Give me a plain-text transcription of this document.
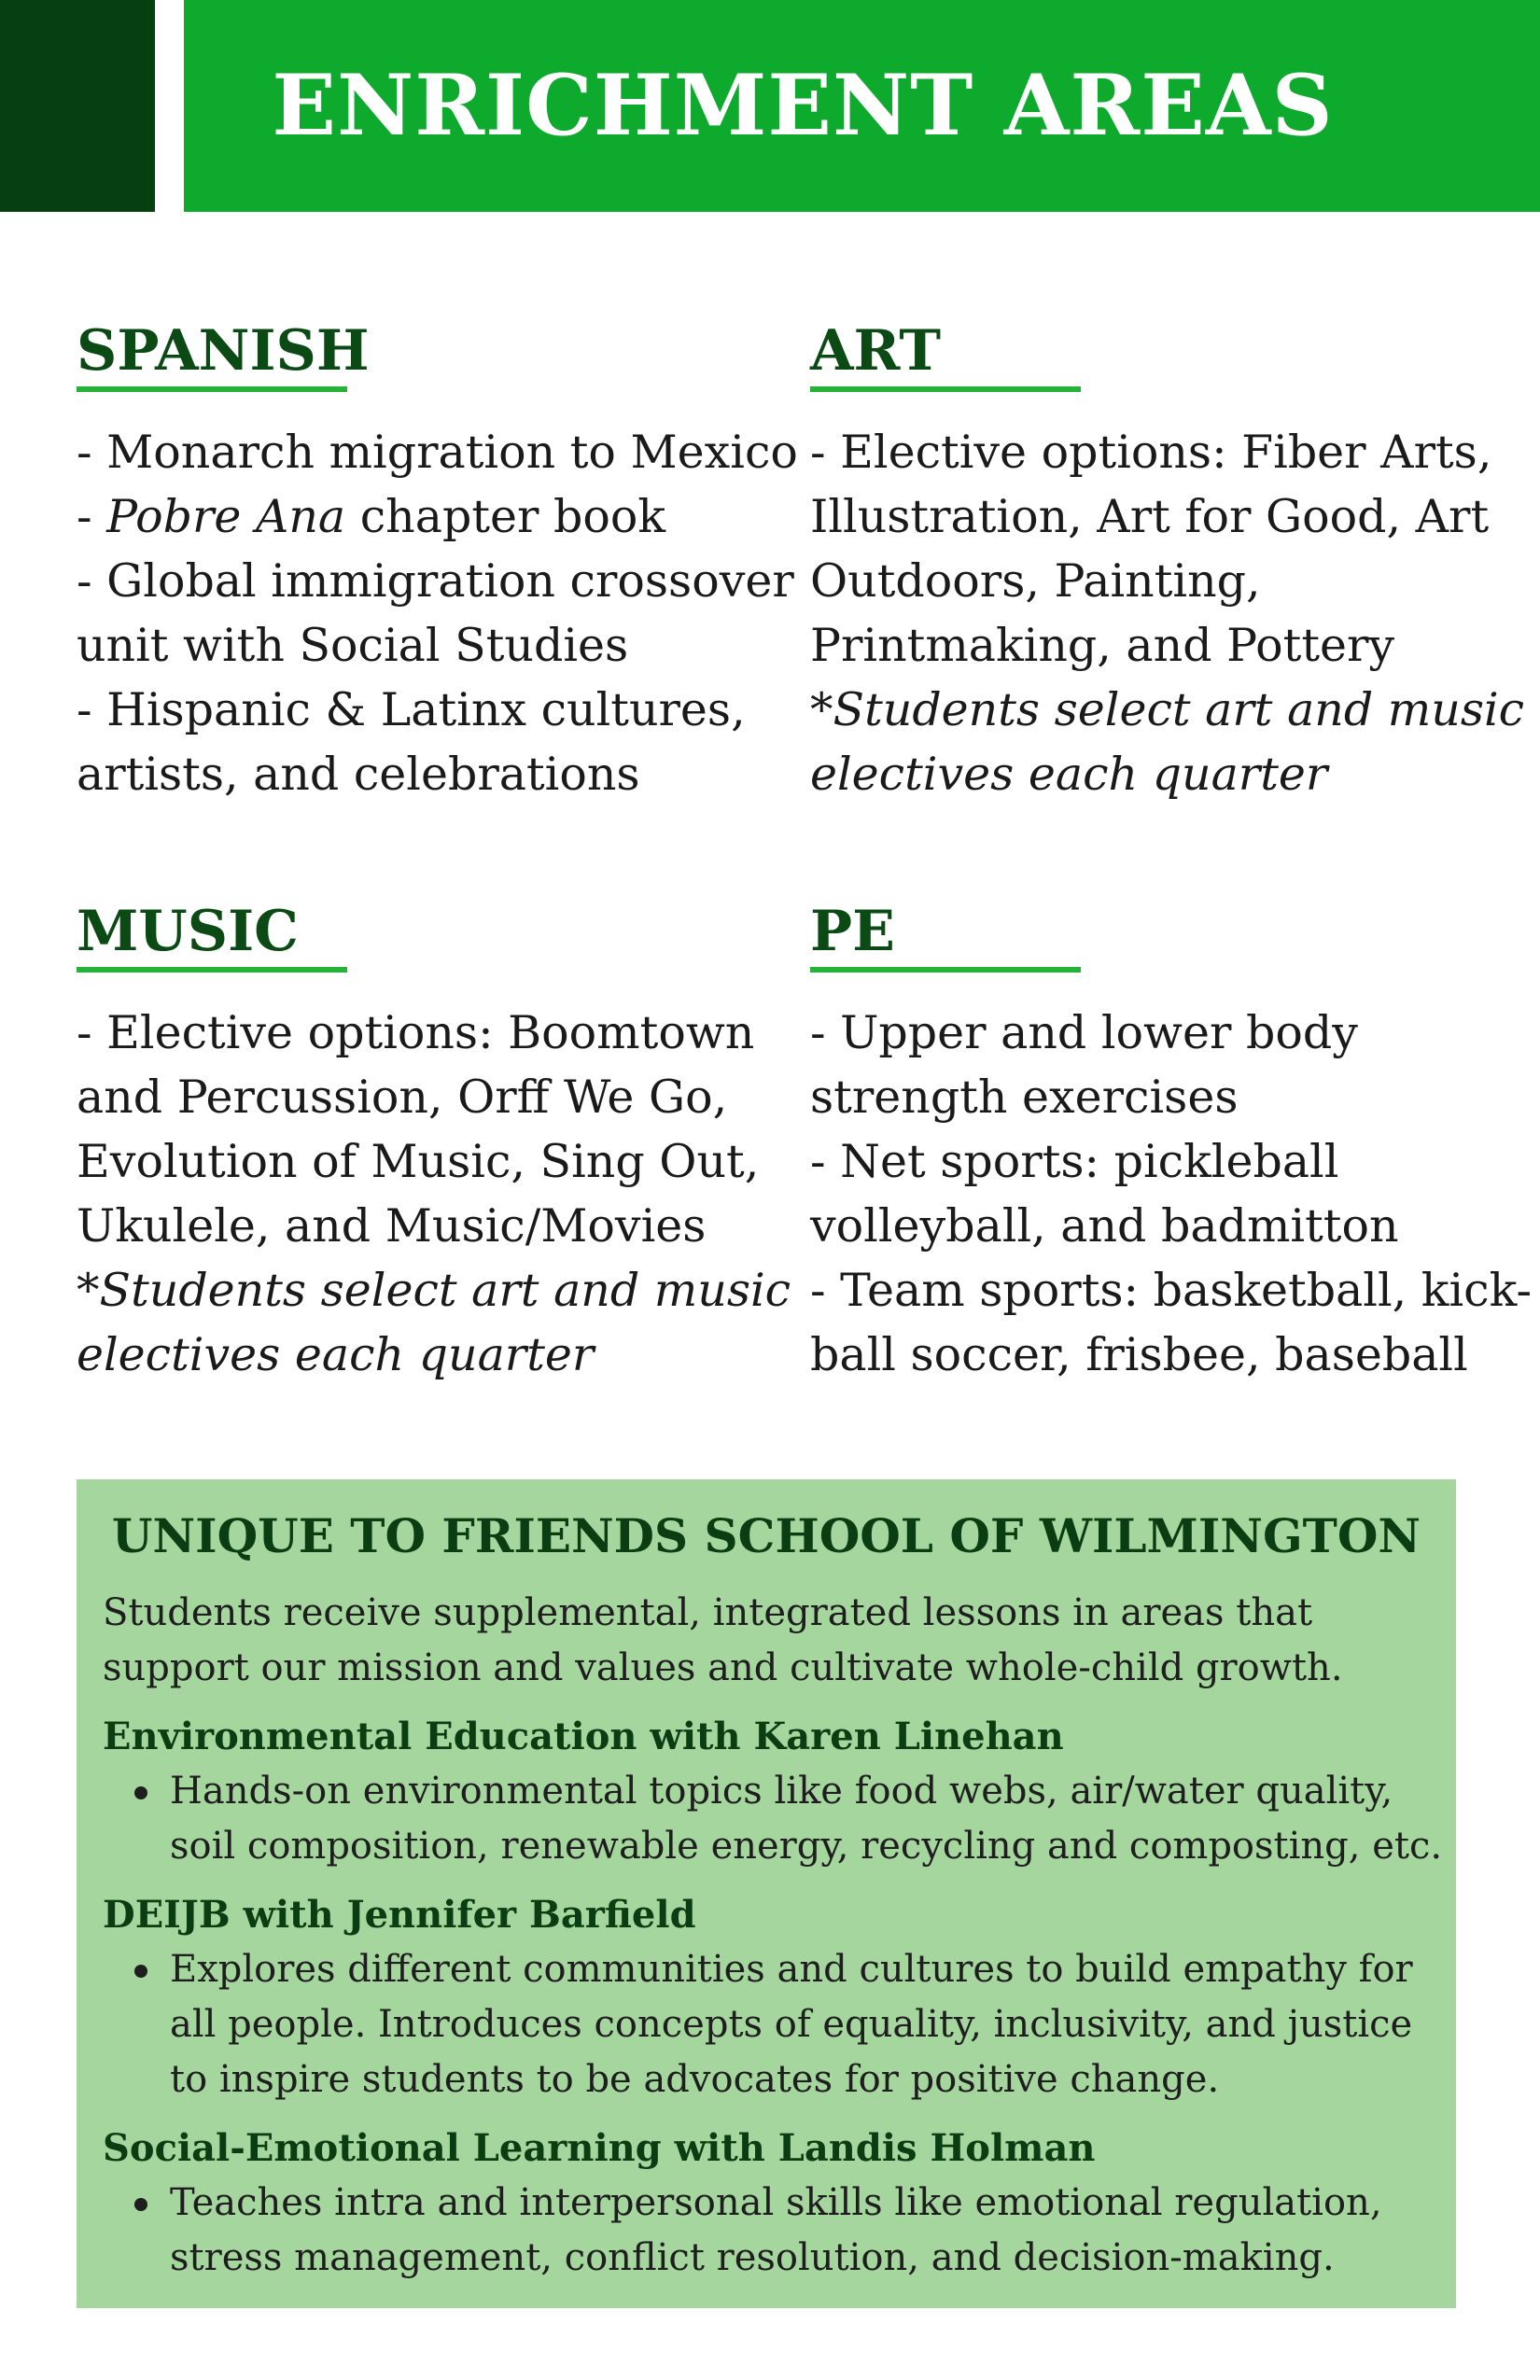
ENRICHMENT AREAS
SPANISH
- Monarch migration to Mexico
- Pobre Ana chapter book
- Global immigration crossover
unit with Social Studies
- Hispanic & Latinx cultures,
artists, and celebrations
ART
- Elective options: Fiber Arts,
Illustration, Art for Good, Art
Outdoors, Painting,
Printmaking, and Pottery
*Students select art and music
electives each quarter
MUSIC
- Elective options: Boomtown
and Percussion, Orff We Go,
Evolution of Music, Sing Out,
Ukulele, and Music/Movies
*Students select art and music
electives each quarter
PE
- Upper and lower body
strength exercises
- Net sports: pickleball
volleyball, and badmitton
- Team sports: basketball, kick-
ball soccer, frisbee, baseball
UNIQUE TO FRIENDS SCHOOL OF WILMINGTON
Students receive supplemental, integrated lessons in areas that
support our mission and values and cultivate whole-child growth.
Environmental Education with Karen Linehan
Hands-on environmental topics like food webs, air/water quality,
soil composition, renewable energy, recycling and composting, etc.
DEIJB with Jennifer Barfield
Explores different communities and cultures to build empathy for
all people. Introduces concepts of equality, inclusivity, and justice
to inspire students to be advocates for positive change.
Social-Emotional Learning with Landis Holman
Teaches intra and interpersonal skills like emotional regulation,
stress management, conflict resolution, and decision-making.
